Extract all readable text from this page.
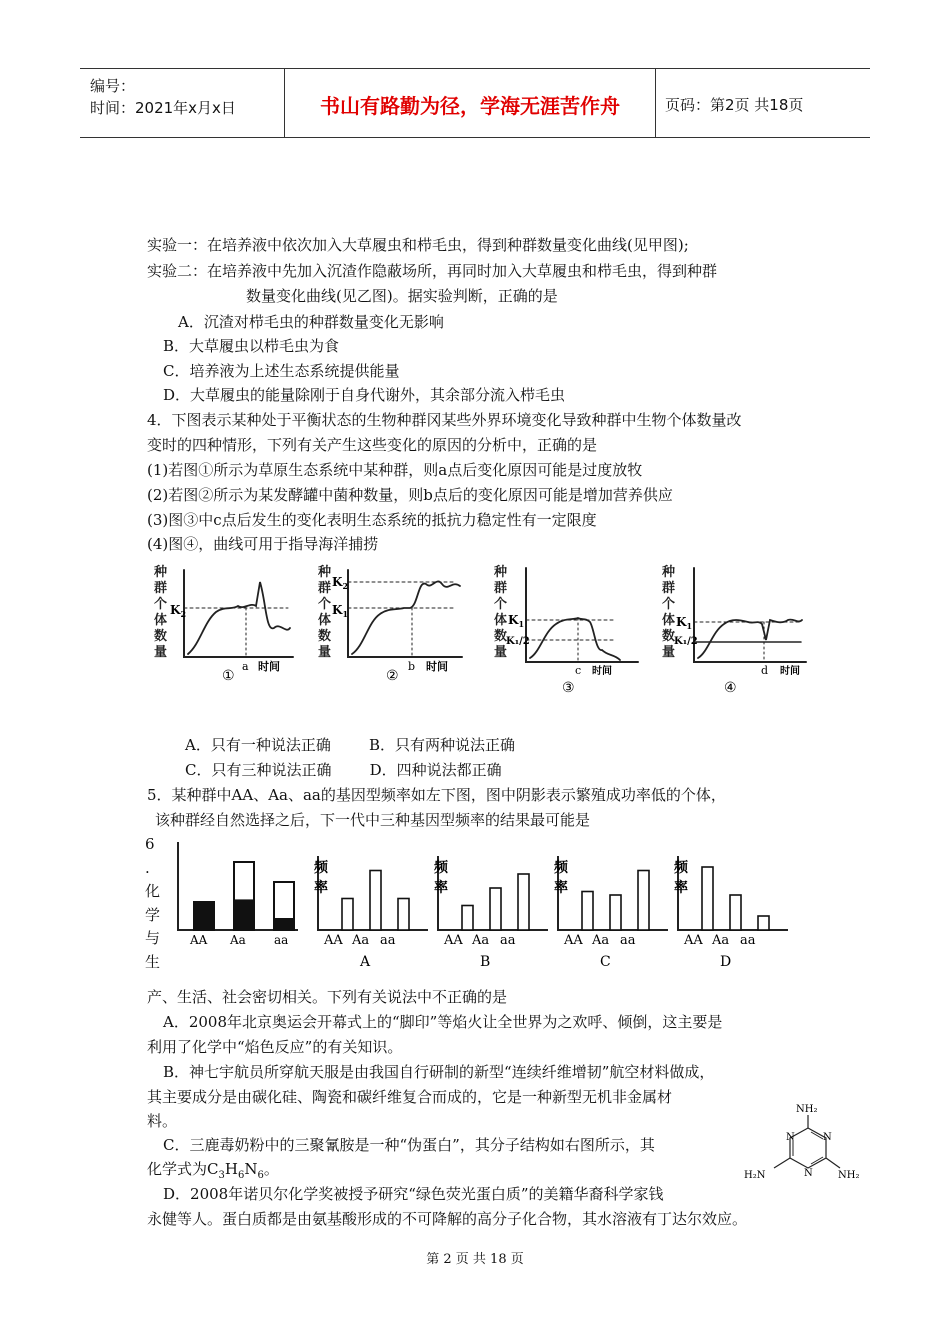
编号：
时间：2021年x月x日	书山有路勤为径，学海无涯苦作舟	页码：第2页 共18页
实验一：在培养液中依次加入大草履虫和栉毛虫，得到种群数量变化曲线(见甲图);
实验二：在培养液中先加入沉渣作隐蔽场所，再同时加入大草履虫和栉毛虫，得到种群
数量变化曲线(见乙图)。据实验判断，正确的是
A．沉渣对栉毛虫的种群数量变化无影响
B．大草履虫以栉毛虫为食
C．培养液为上述生态系统提供能量
D．大草履虫的能量除刚于自身代谢外，其余部分流入栉毛虫
4．下图表示某种处于平衡状态的生物种群冈某些外界环境变化导致种群中生物个体数量改
变时的四种情形，下列有关产生这些变化的原因的分析中，正确的是
(1)若图①所示为草原生态系统中某种群，则a点后变化原因可能是过度放牧
(2)若图②所示为某发酵罐中菌种数量，则b点后的变化原因可能是增加营养供应
(3)图③中c点后发生的变化表明生态系统的抵抗力稳定性有一定限度
(4)图④，曲线可用于指导海洋捕捞
种
群
个
体
数
量
$K_2$
a 时间
①
种
群
个
体
数
量
$K_2$
$K_1$
b 时间
②
种
群
个
体
数
量
$K_1$
K₁/2
c 时间
③
种
群
个
体
数
量
$K_1$
K₁/2
d 时间
④
A．只有一种说法正确        B．只有两种说法正确
C．只有三种说法正确        D．四种说法都正确
5．某种群中AA、Aa、aa的基因型频率如左下图，图中阴影表示繁殖成功率低的个体，
该种群经自然选择之后，下一代中三种基因型频率的结果最可能是
6
.
化
学
与
生
AA Aa aa
频
率
AA Aa aa
A
频
率
AA Aa aa
B
频
率
AA Aa aa
C
频
率
AA Aa aa
D
产、生活、社会密切相关。下列有关说法中不正确的是
A．2008年北京奥运会开幕式上的“脚印”等焰火让全世界为之欢呼、倾倒，这主要是
利用了化学中“焰色反应”的有关知识。
B．神七宇航员所穿航天服是由我国自行研制的新型“连续纤维增韧”航空材料做成，
其主要成分是由碳化硅、陶瓷和碳纤维复合而成的，它是一种新型无机非金属材
料。
C．三鹿毒奶粉中的三聚氰胺是一种“伪蛋白”，其分子结构如右图所示，其
化学式为$C_3H_6N_6$。
D．2008年诺贝尔化学奖被授予研究“绿色荧光蛋白质”的美籍华裔科学家钱
永健等人。蛋白质都是由氨基酸形成的不可降解的高分子化合物，其水溶液有丁达尔效应。
NH₂
N	N
N
H₂N	NH₂
第 2 页 共 18 页
